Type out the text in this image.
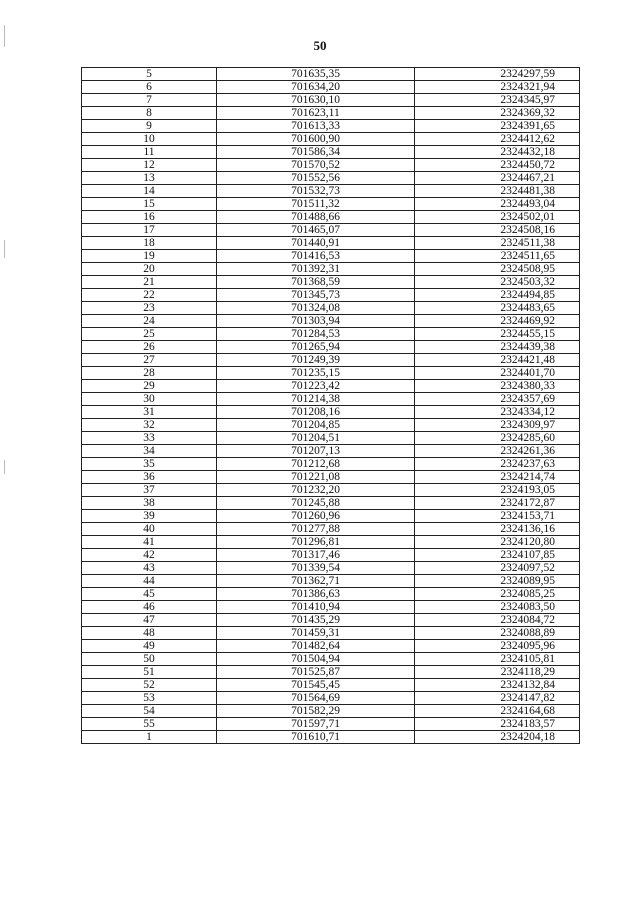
50
5	701635,35	2324297,59
6	701634,20	2324321,94
7	701630,10	2324345,97
8	701623,11	2324369,32
9	701613,33	2324391,65
10	701600,90	2324412,62
11	701586,34	2324432,18
12	701570,52	2324450,72
13	701552,56	2324467,21
14	701532,73	2324481,38
15	701511,32	2324493,04
16	701488,66	2324502,01
17	701465,07	2324508,16
18	701440,91	2324511,38
19	701416,53	2324511,65
20	701392,31	2324508,95
21	701368,59	2324503,32
22	701345,73	2324494,85
23	701324,08	2324483,65
24	701303,94	2324469,92
25	701284,53	2324455,15
26	701265,94	2324439,38
27	701249,39	2324421,48
28	701235,15	2324401,70
29	701223,42	2324380,33
30	701214,38	2324357,69
31	701208,16	2324334,12
32	701204,85	2324309,97
33	701204,51	2324285,60
34	701207,13	2324261,36
35	701212,68	2324237,63
36	701221,08	2324214,74
37	701232,20	2324193,05
38	701245,88	2324172,87
39	701260,96	2324153,71
40	701277,88	2324136,16
41	701296,81	2324120,80
42	701317,46	2324107,85
43	701339,54	2324097,52
44	701362,71	2324089,95
45	701386,63	2324085,25
46	701410,94	2324083,50
47	701435,29	2324084,72
48	701459,31	2324088,89
49	701482,64	2324095,96
50	701504,94	2324105,81
51	701525,87	2324118,29
52	701545,45	2324132,84
53	701564,69	2324147,82
54	701582,29	2324164,68
55	701597,71	2324183,57
1	701610,71	2324204,18
